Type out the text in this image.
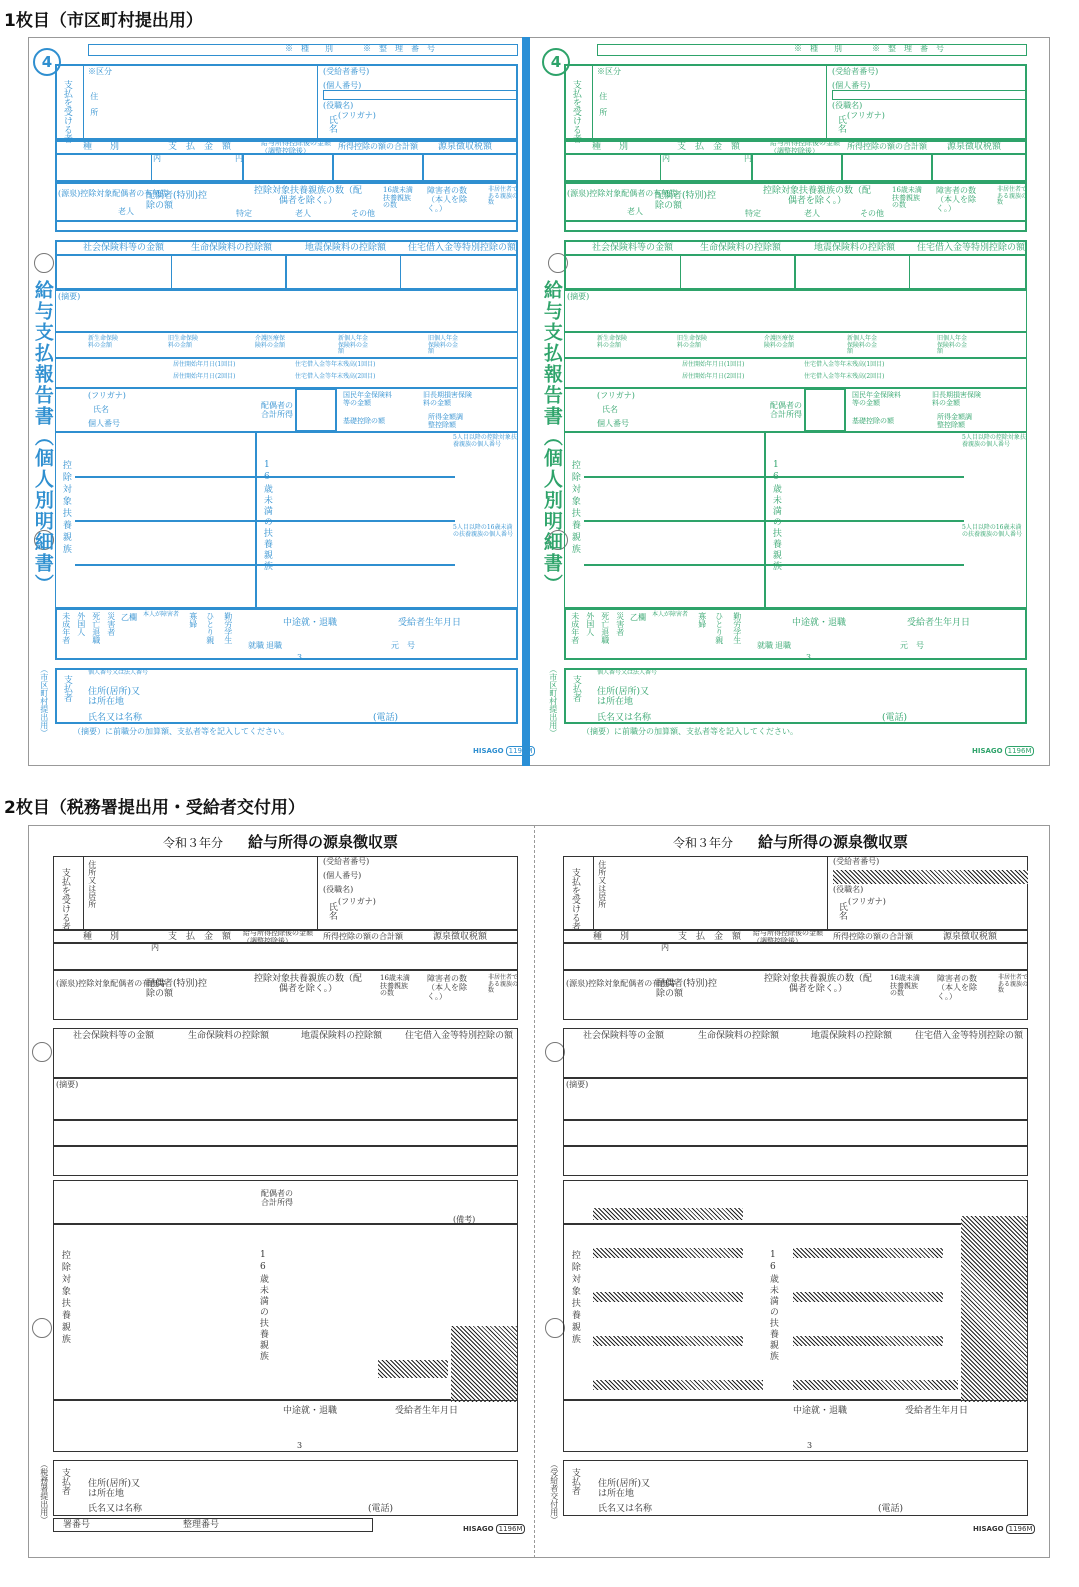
1枚目（市区町村提出用）
2枚目（税務署提出用・受給者交付用）
4
給与支払報告書（個人別明細書）
（市区町村提出用）
※　種　　別	※　整　理　番　号
支払を受ける者
※区分
住　所
(受給者番号)
(個人番号)
(役職名)
(フリガナ)
氏名
種　　別	支　払　金　額	給与所得控除後の金額（調整控除後）	所得控除の額の合計額 源泉徴収税額
内	円
(源泉)控除対象配偶者の有無等
老人
配偶者(特別)控除の額
控除対象扶養親族の数（配偶者を除く。）
特定	老人	その他
16歳未満扶養親族の数
障害者の数（本人を除く。）
非居住者である親族の数
社会保険料等の金額	生命保険料の控除額	地震保険料の控除額 住宅借入金等特別控除の額
(摘要)
新生命保険料の金額
旧生命保険料の金額
介護医療保険料の金額
新個人年金保険料の金額
旧個人年金保険料の金額
居住開始年月日(1回目)
居住開始年月日(2回目)
住宅借入金等年末残高(1回目)
住宅借入金等年末残高(2回目)
(フリガナ)
氏名
個人番号
配偶者の合計所得
国民年金保険料等の金額
旧長期損害保険料の金額
基礎控除の額	所得金額調整控除額
控除対象扶養親族	16歳未満の扶養親族
5人目以降の控除対象扶養親族の個人番号
5人目以降の16歳未満の扶養親族の個人番号
未成年者 外国人 死亡退職 災害者 乙欄 本人が障害者 寡婦 ひとり親 勤労学生	中途就・退職	受給者生年月日
就職 退職	元　号
3
支払者
個人番号又は法人番号
住所(居所)又は所在地
氏名又は名称	(電話)
（摘要）に前職分の加算額、支払者等を記入してください。
HISAGO 1196M
4
給与支払報告書（個人別明細書）
（市区町村提出用）
※　種　　別	※　整　理　番　号
支払を受ける者
※区分
住　所
(受給者番号)
(個人番号)
(役職名)
(フリガナ)
氏名
種　　別	支　払　金　額	給与所得控除後の金額（調整控除後）	所得控除の額の合計額 源泉徴収税額
内	円
(源泉)控除対象配偶者の有無等
老人
配偶者(特別)控除の額
控除対象扶養親族の数（配偶者を除く。）
特定	老人	その他
16歳未満扶養親族の数
障害者の数（本人を除く。）
非居住者である親族の数
社会保険料等の金額	生命保険料の控除額	地震保険料の控除額 住宅借入金等特別控除の額
(摘要)
新生命保険料の金額
旧生命保険料の金額
介護医療保険料の金額
新個人年金保険料の金額
旧個人年金保険料の金額
居住開始年月日(1回目)
居住開始年月日(2回目)
住宅借入金等年末残高(1回目)
住宅借入金等年末残高(2回目)
(フリガナ)
氏名
個人番号
配偶者の合計所得
国民年金保険料等の金額
旧長期損害保険料の金額
基礎控除の額	所得金額調整控除額
控除対象扶養親族	16歳未満の扶養親族
5人目以降の控除対象扶養親族の個人番号
5人目以降の16歳未満の扶養親族の個人番号
未成年者 外国人 死亡退職 災害者 乙欄 本人が障害者 寡婦 ひとり親 勤労学生	中途就・退職	受給者生年月日
就職 退職	元　号
3
支払者
個人番号又は法人番号
住所(居所)又は所在地
氏名又は名称	(電話)
（摘要）に前職分の加算額、支払者等を記入してください。
HISAGO 1196M
令和３年分 給与所得の源泉徴収票
（税務署提出用）
支払を受ける者 住所又は居所	(受給者番号)
(個人番号)
(役職名)
(フリガナ)
氏名
種　　別	支　払　金　額 給与所得控除後の金額（調整控除後）	所得控除の額の合計額	源泉徴収税額
内
(源泉)控除対象配偶者の有無等
配偶者(特別)控除の額
控除対象扶養親族の数（配偶者を除く。）
16歳未満扶養親族の数
障害者の数（本人を除く。）
非居住者である親族の数
社会保険料等の金額	生命保険料の控除額	地震保険料の控除額	住宅借入金等特別控除の額
(摘要)
配偶者の合計所得
控除対象扶養親族	16歳未満の扶養親族
(備考)
中途就・退職	受給者生年月日
3
支払者 住所(居所)又は所在地
氏名又は名称	(電話)
署番号	整理番号	HISAGO 1196M
令和３年分 給与所得の源泉徴収票
（受給者交付用）
支払を受ける者 住所又は居所	(受給者番号)
(役職名)
(フリガナ)
氏名
種　　別	支　払　金　額 給与所得控除後の金額（調整控除後）	所得控除の額の合計額	源泉徴収税額
内
(源泉)控除対象配偶者の有無等
配偶者(特別)控除の額
控除対象扶養親族の数（配偶者を除く。）
16歳未満扶養親族の数
障害者の数（本人を除く。）
非居住者である親族の数
社会保険料等の金額	生命保険料の控除額	地震保険料の控除額	住宅借入金等特別控除の額
(摘要)
控除対象扶養親族	16歳未満の扶養親族
中途就・退職	受給者生年月日
3
支払者 住所(居所)又は所在地
氏名又は名称	(電話)
HISAGO 1196M
